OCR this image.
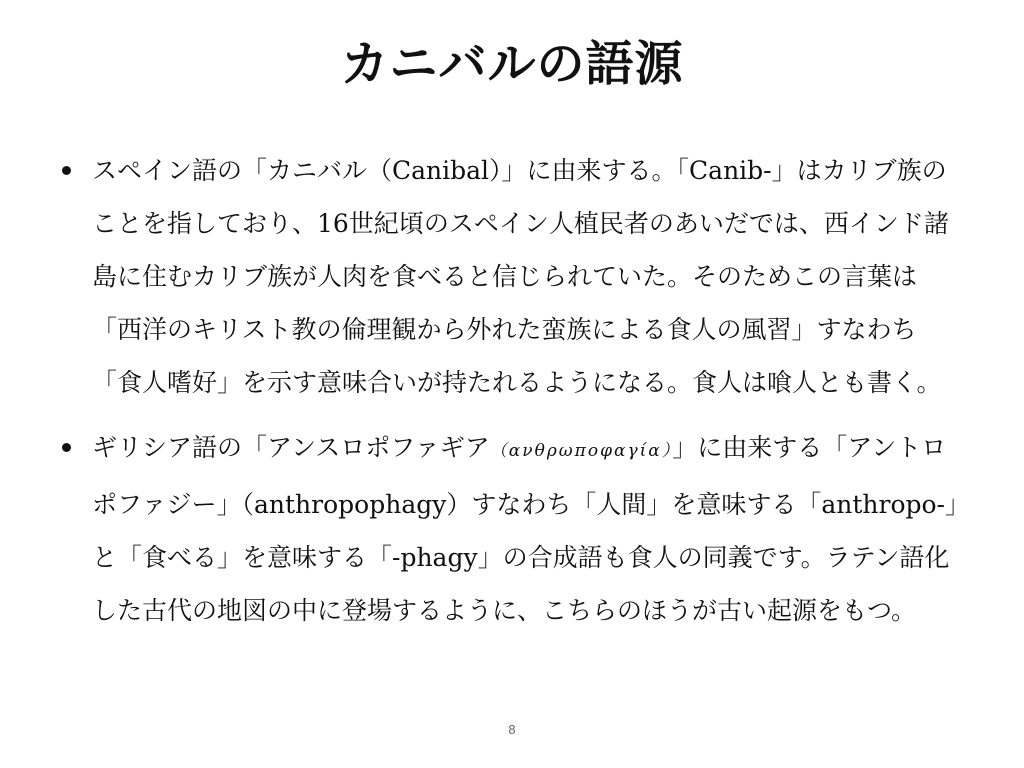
カニバルの語源
スペイン語の「カニバル（Canibal）」に由来する。「Canib-」はカリブ族のことを指しており、16世紀頃のスペイン人植民者のあいだでは、西インド諸島に住むカリブ族が人肉を食べると信じられていた。そのためこの言葉は「西洋のキリスト教の倫理観から外れた蛮族による食人の風習」すなわち「食人嗜好」を示す意味合いが持たれるようになる。食人は喰人とも書く。
ギリシア語の「アンスロポファギア（ανθρωποφαγία）」に由来する「アントロポファジー」（anthropophagy）すなわち「人間」を意味する「anthropo-」と「食べる」を意味する「-phagy」の合成語も食人の同義です。ラテン語化した古代の地図の中に登場するように、こちらのほうが古い起源をもつ。
8
